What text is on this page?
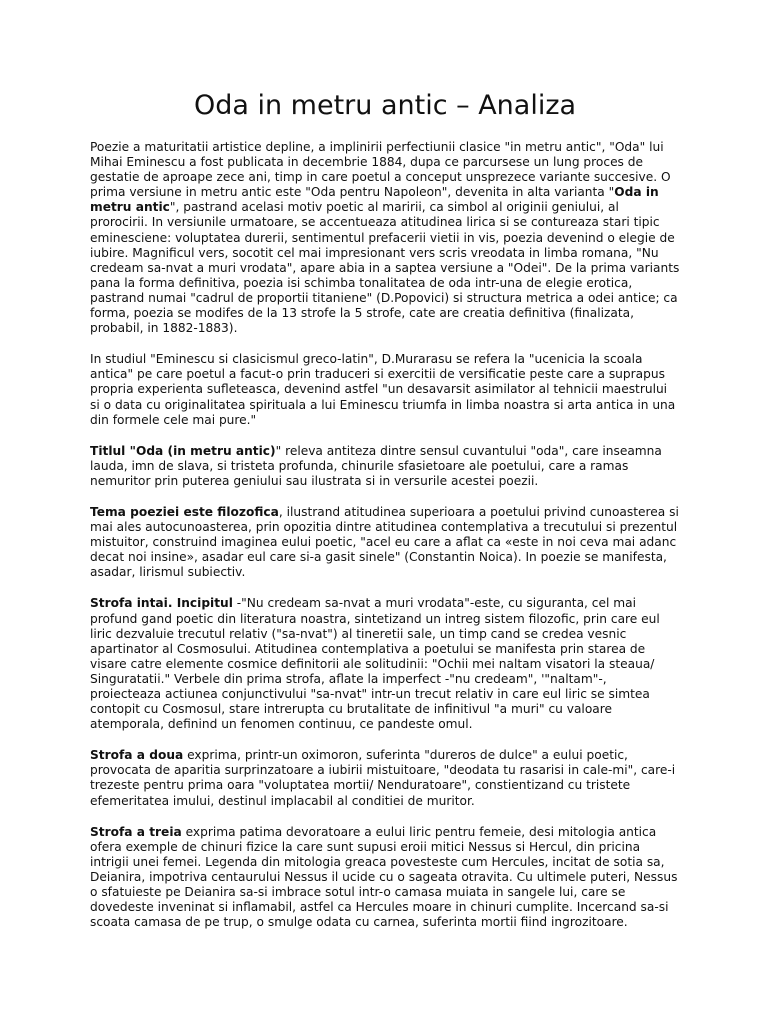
Oda in metru antic – Analiza

Poezie a maturitatii artistice depline, a implinirii perfectiunii clasice "in metru antic", "Oda" lui Mihai Eminescu a fost publicata in decembrie 1884, dupa ce parcursese un lung proces de gestatie de aproape zece ani, timp in care poetul a conceput unsprezece variante succesive. O prima versiune in metru antic este "Oda pentru Napoleon", devenita in alta varianta "Oda in metru antic", pastrand acelasi motiv poetic al maririi, ca simbol al originii geniului, al prorocirii. In versiunile urmatoare, se accentueaza atitudinea lirica si se contureaza stari tipic eminesciene: voluptatea durerii, sentimentul prefacerii vietii in vis, poezia devenind o elegie de iubire. Magnificul vers, socotit cel mai impresionant vers scris vreodata in limba romana, "Nu credeam sa-nvat a muri vrodata", apare abia in a saptea versiune a "Odei". De la prima variants pana la forma definitiva, poezia isi schimba tonalitatea de oda intr-una de elegie erotica, pastrand numai "cadrul de proportii titaniene" (D.Popovici) si structura metrica a odei antice; ca forma, poezia se modifes de la 13 strofe la 5 strofe, cate are creatia definitiva (finalizata, probabil, in 1882-1883).

In studiul "Eminescu si clasicismul greco-latin", D.Murarasu se refera la "ucenicia la scoala antica" pe care poetul a facut-o prin traduceri si exercitii de versificatie peste care a suprapus propria experienta sufleteasca, devenind astfel "un desavarsit asimilator al tehnicii maestrului si o data cu originalitatea spirituala a lui Eminescu triumfa in limba noastra si arta antica in una din formele cele mai pure."

Titlul "Oda (in metru antic)" releva antiteza dintre sensul cuvantului "oda", care inseamna lauda, imn de slava, si tristeta profunda, chinurile sfasietoare ale poetului, care a ramas nemuritor prin puterea geniului sau ilustrata si in versurile acestei poezii.

Tema poeziei este filozofica, ilustrand atitudinea superioara a poetului privind cunoasterea si mai ales autocunoasterea, prin opozitia dintre atitudinea contemplativa a trecutului si prezentul mistuitor, construind imaginea eului poetic, "acel eu care a aflat ca «este in noi ceva mai adanc decat noi insine», asadar eul care si-a gasit sinele" (Constantin Noica). In poezie se manifesta, asadar, lirismul subiectiv.

Strofa intai. Incipitul -"Nu credeam sa-nvat a muri vrodata"-este, cu siguranta, cel mai profund gand poetic din literatura noastra, sintetizand un intreg sistem filozofic, prin care eul liric dezvaluie trecutul relativ ("sa-nvat") al tineretii sale, un timp cand se credea vesnic apartinator al Cosmosului. Atitudinea contemplativa a poetului se manifesta prin starea de visare catre elemente cosmice definitorii ale solitudinii: "Ochii mei naltam visatori la steaua/ Singuratatii." Verbele din prima strofa, aflate la imperfect -"nu credeam", '"naltam"-, proiecteaza actiunea conjunctivului "sa-nvat" intr-un trecut relativ in care eul liric se simtea contopit cu Cosmosul, stare intrerupta cu brutalitate de infinitivul "a muri" cu valoare atemporala, definind un fenomen continuu, ce pandeste omul.

Strofa a doua exprima, printr-un oximoron, suferinta "dureros de dulce" a eului poetic, provocata de aparitia surprinzatoare a iubirii mistuitoare, "deodata tu rasarisi in cale-mi", care-i trezeste pentru prima oara "voluptatea mortii/ Nenduratoare", constientizand cu tristete efemeritatea imului, destinul implacabil al conditiei de muritor.

Strofa a treia exprima patima devoratoare a eului liric pentru femeie, desi mitologia antica ofera exemple de chinuri fizice la care sunt supusi eroii mitici Nessus si Hercul, din pricina intrigii unei femei. Legenda din mitologia greaca povesteste cum Hercules, incitat de sotia sa, Deianira, impotriva centaurului Nessus il ucide cu o sageata otravita. Cu ultimele puteri, Nessus o sfatuieste pe Deianira sa-si imbrace sotul intr-o camasa muiata in sangele lui, care se dovedeste inveninat si inflamabil, astfel ca Hercules moare in chinuri cumplite. Incercand sa-si scoata camasa de pe trup, o smulge odata cu carnea, suferinta mortii fiind ingrozitoare.
